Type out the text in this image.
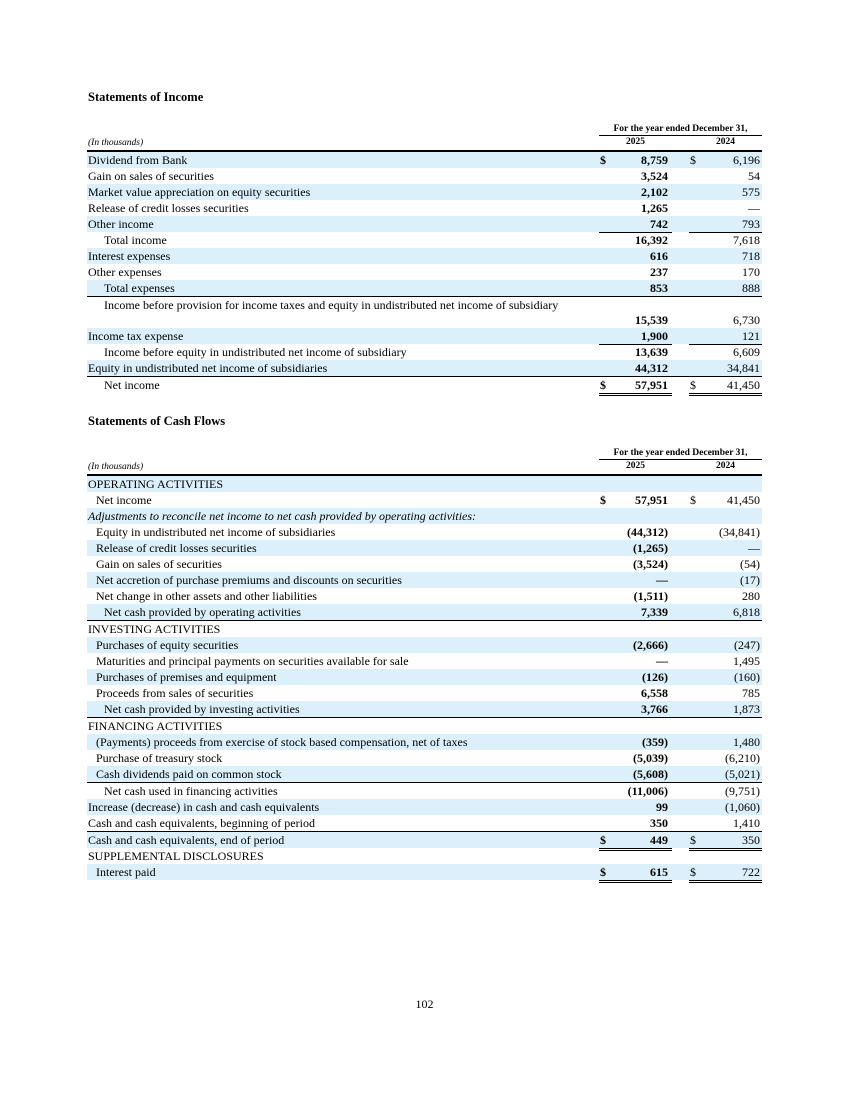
Statements of Income
For the year ended December 31,
(In thousands)	2025	2024
Dividend from Bank	$	8,759 $	6,196
Gain on sales of securities	3,524	54
Market value appreciation on equity securities	2,102	575
Release of credit losses securities	1,265	—
Other income	742	793
Total income	16,392	7,618
Interest expenses	616	718
Other expenses	237	170
Total expenses	853	888
Income before provision for income taxes and equity in undistributed net income of subsidiary
15,539	6,730
Income tax expense	1,900	121
Income before equity in undistributed net income of subsidiary	13,639	6,609
Equity in undistributed net income of subsidiaries	44,312	34,841
Net income	$ 57,951 $	41,450
Statements of Cash Flows
For the year ended December 31,
(In thousands)	2025	2024
OPERATING ACTIVITIES
Net income	$ 57,951 $	41,450
Adjustments to reconcile net income to net cash provided by operating activities:
Equity in undistributed net income of subsidiaries	(44,312)	(34,841)
Release of credit losses securities	(1,265)	—
Gain on sales of securities	(3,524)	(54)
Net accretion of purchase premiums and discounts on securities	—	(17)
Net change in other assets and other liabilities	(1,511)	280
Net cash provided by operating activities	7,339	6,818
INVESTING ACTIVITIES
Purchases of equity securities	(2,666)	(247)
Maturities and principal payments on securities available for sale	—	1,495
Purchases of premises and equipment	(126)	(160)
Proceeds from sales of securities	6,558	785
Net cash provided by investing activities	3,766	1,873
FINANCING ACTIVITIES
(Payments) proceeds from exercise of stock based compensation, net of taxes	(359)	1,480
Purchase of treasury stock	(5,039)	(6,210)
Cash dividends paid on common stock	(5,608)	(5,021)
Net cash used in financing activities	(11,006)	(9,751)
Increase (decrease) in cash and cash equivalents	99	(1,060)
Cash and cash equivalents, beginning of period	350	1,410
Cash and cash equivalents, end of period	$	449 $	350
SUPPLEMENTAL DISCLOSURES
Interest paid	$	615 $	722
102
